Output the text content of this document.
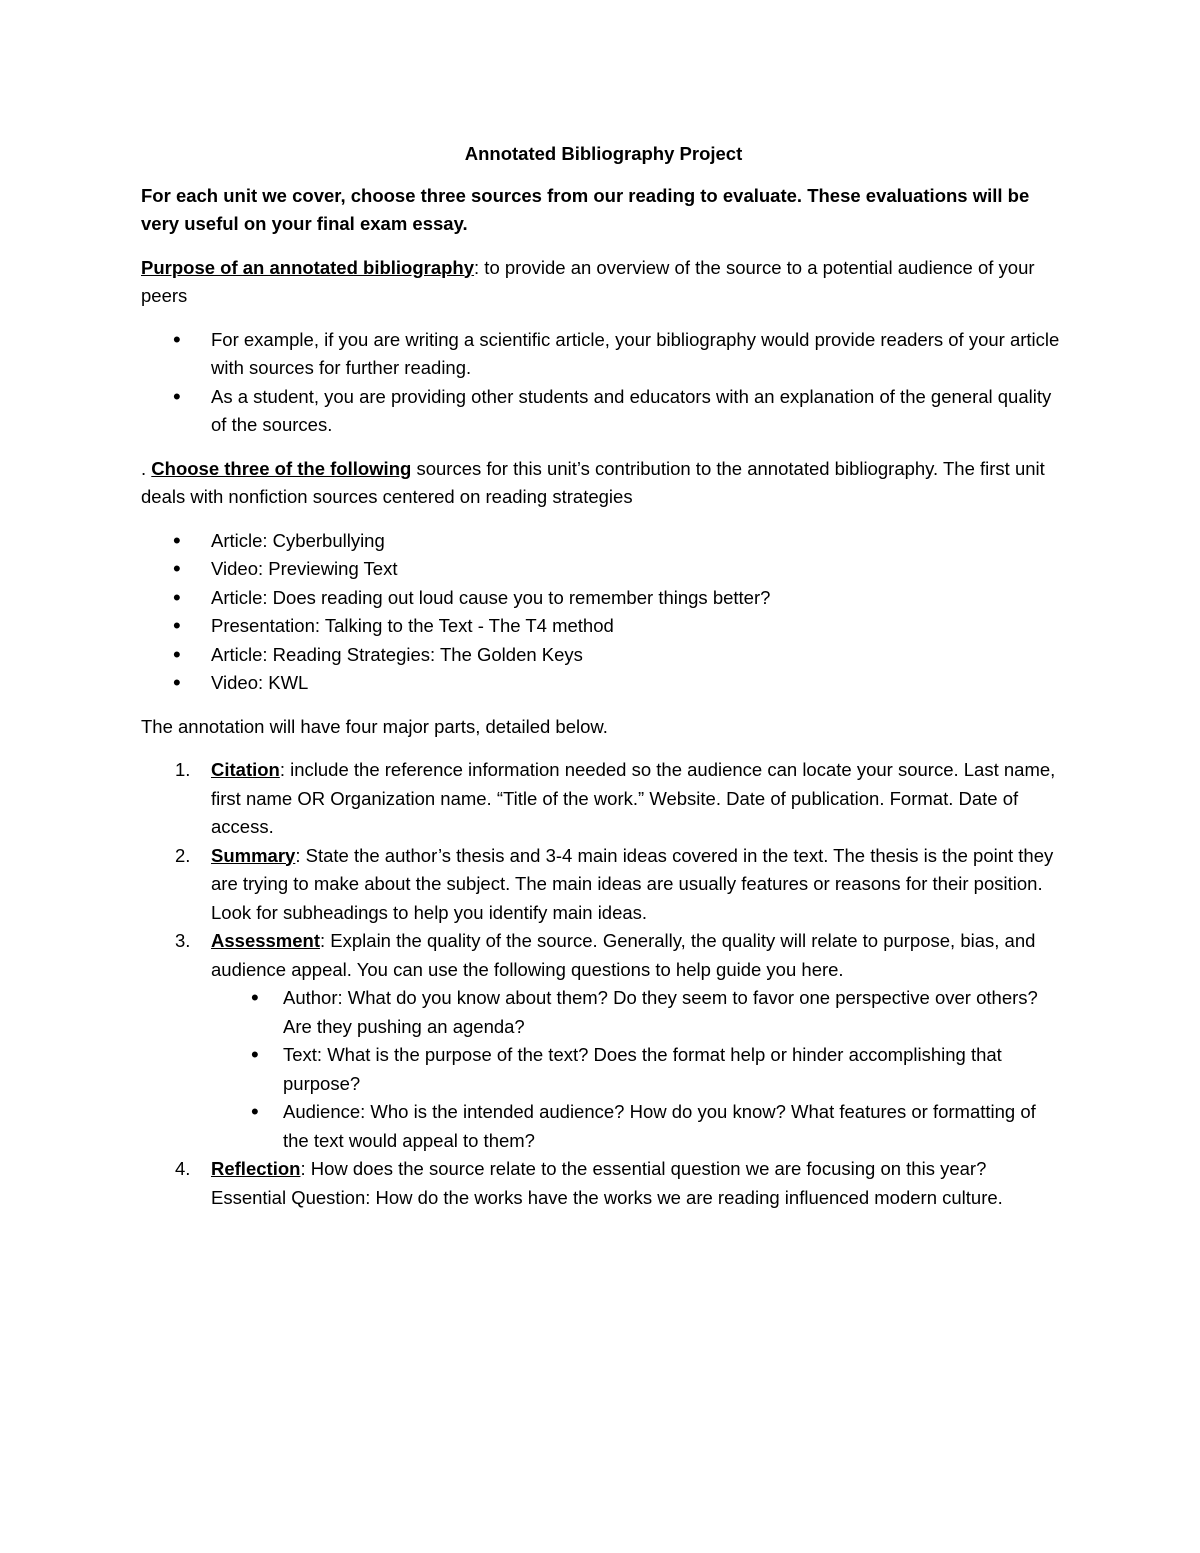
Annotated Bibliography Project

For each unit we cover, choose three sources from our reading to evaluate. These evaluations will be very useful on your final exam essay.

Purpose of an annotated bibliography: to provide an overview of the source to a potential audience of your peers

• For example, if you are writing a scientific article, your bibliography would provide readers of your article with sources for further reading.
• As a student, you are providing other students and educators with an explanation of the general quality of the sources.

. Choose three of the following sources for this unit’s contribution to the annotated bibliography. The first unit deals with nonfiction sources centered on reading strategies

• Article: Cyberbullying
• Video: Previewing Text
• Article: Does reading out loud cause you to remember things better?
• Presentation: Talking to the Text - The T4 method
• Article: Reading Strategies: The Golden Keys
• Video: KWL

The annotation will have four major parts, detailed below.

1. Citation: include the reference information needed so the audience can locate your source. Last name, first name OR Organization name. “Title of the work.” Website. Date of publication. Format. Date of access.
2. Summary: State the author’s thesis and 3-4 main ideas covered in the text. The thesis is the point they are trying to make about the subject. The main ideas are usually features or reasons for their position. Look for subheadings to help you identify main ideas.
3. Assessment: Explain the quality of the source. Generally, the quality will relate to purpose, bias, and audience appeal. You can use the following questions to help guide you here.
• Author: What do you know about them? Do they seem to favor one perspective over others? Are they pushing an agenda?
• Text: What is the purpose of the text? Does the format help or hinder accomplishing that purpose?
• Audience: Who is the intended audience? How do you know? What features or formatting of the text would appeal to them?
4. Reflection: How does the source relate to the essential question we are focusing on this year? Essential Question: How do the works have the works we are reading influenced modern culture.
